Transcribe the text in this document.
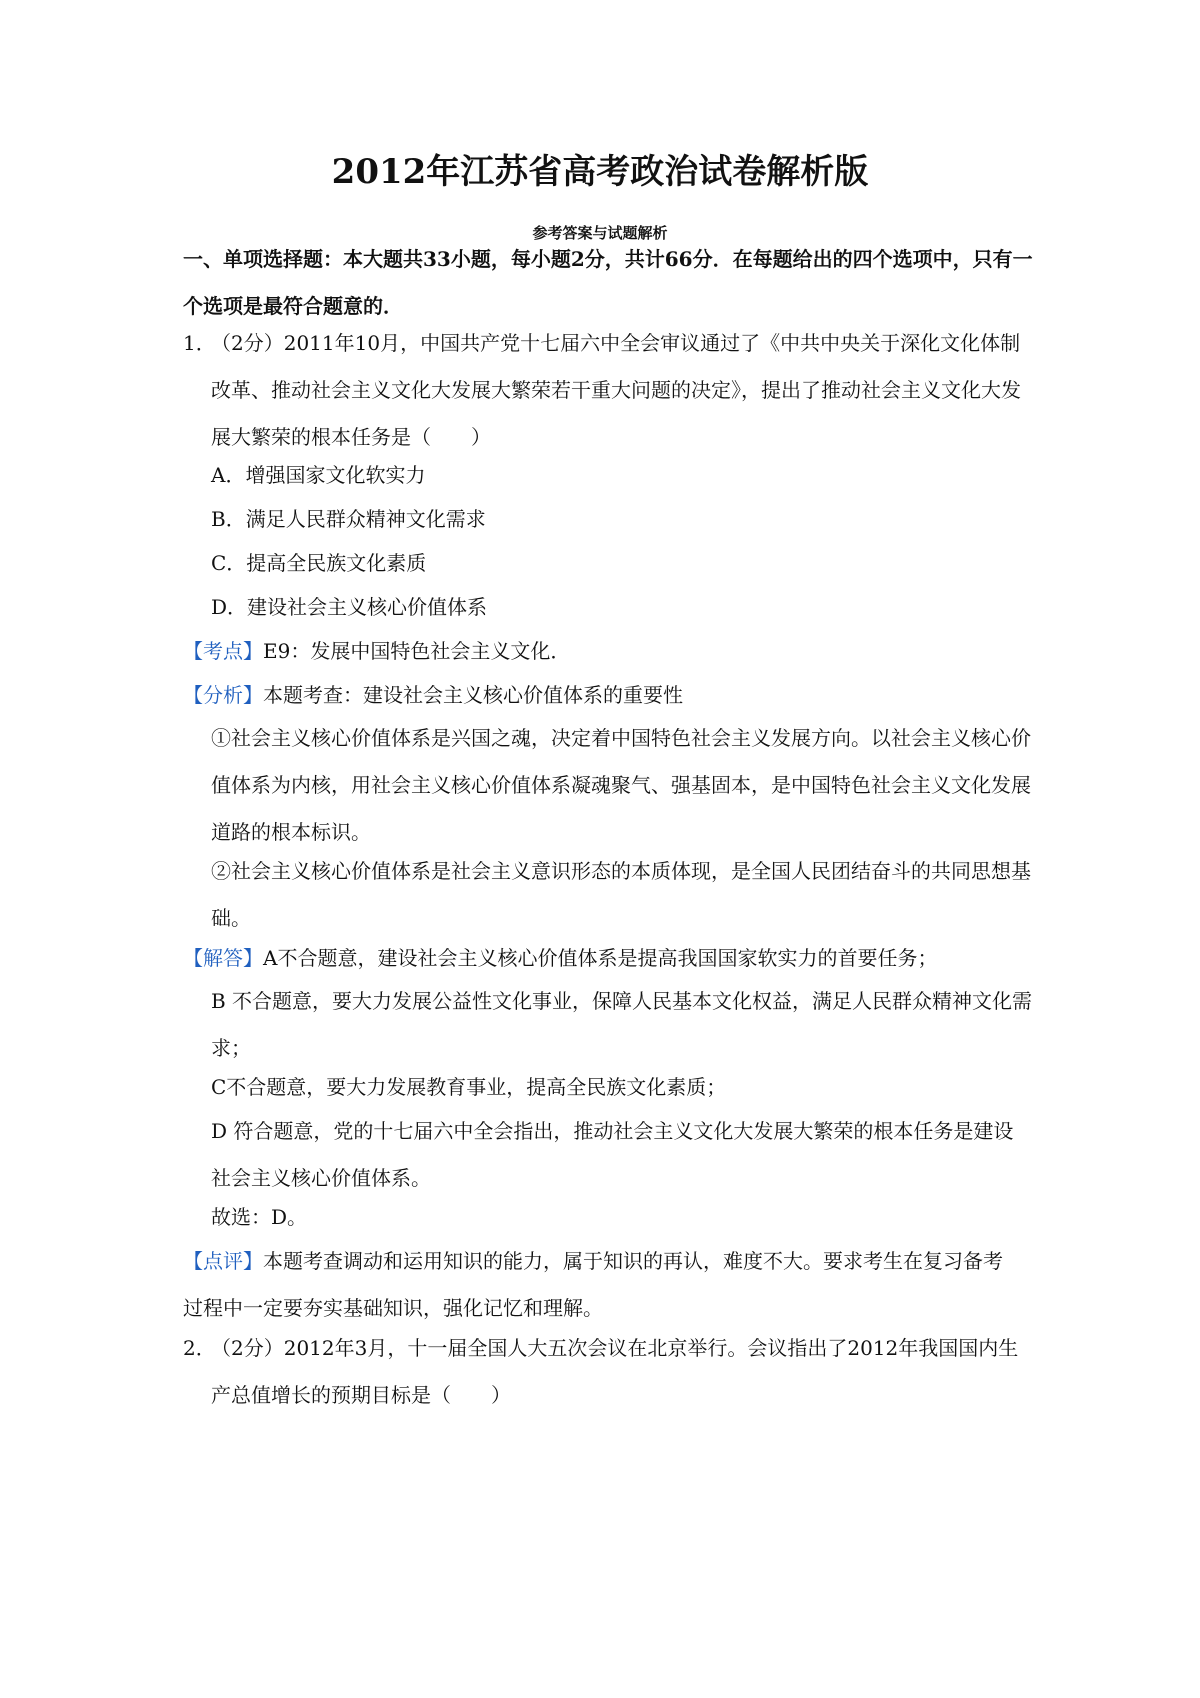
2012年江苏省高考政治试卷解析版
参考答案与试题解析
一、单项选择题：本大题共33小题，每小题2分，共计66分．在每题给出的四个选项中，只有一个选项是最符合题意的．
1．
（2分）2011年10月，中国共产党十七届六中全会审议通过了《中共中央关于深化文化体制改革、推动社会主义文化大发展大繁荣若干重大问题的决定》，提出了推动社会主义文化大发展大繁荣的根本任务是（　　）
A．增强国家文化软实力
B．满足人民群众精神文化需求
C．提高全民族文化素质
D．建设社会主义核心价值体系
【考点】E9：发展中国特色社会主义文化．
【分析】本题考查：建设社会主义核心价值体系的重要性
①社会主义核心价值体系是兴国之魂，决定着中国特色社会主义发展方向。以社会主义核心价值体系为内核，用社会主义核心价值体系凝魂聚气、强基固本，是中国特色社会主义文化发展道路的根本标识。
②社会主义核心价值体系是社会主义意识形态的本质体现，是全国人民团结奋斗的共同思想基础。
【解答】A不合题意，建设社会主义核心价值体系是提高我国国家软实力的首要任务；
B 不合题意，要大力发展公益性文化事业，保障人民基本文化权益，满足人民群众精神文化需求；
C不合题意，要大力发展教育事业，提高全民族文化素质；
D 符合题意，党的十七届六中全会指出，推动社会主义文化大发展大繁荣的根本任务是建设社会主义核心价值体系。
故选：D。
【点评】本题考查调动和运用知识的能力，属于知识的再认，难度不大。要求考生在复习备考过程中一定要夯实基础知识，强化记忆和理解。
2．
（2分）2012年3月，十一届全国人大五次会议在北京举行。会议指出了2012年我国国内生产总值增长的预期目标是（　　）
